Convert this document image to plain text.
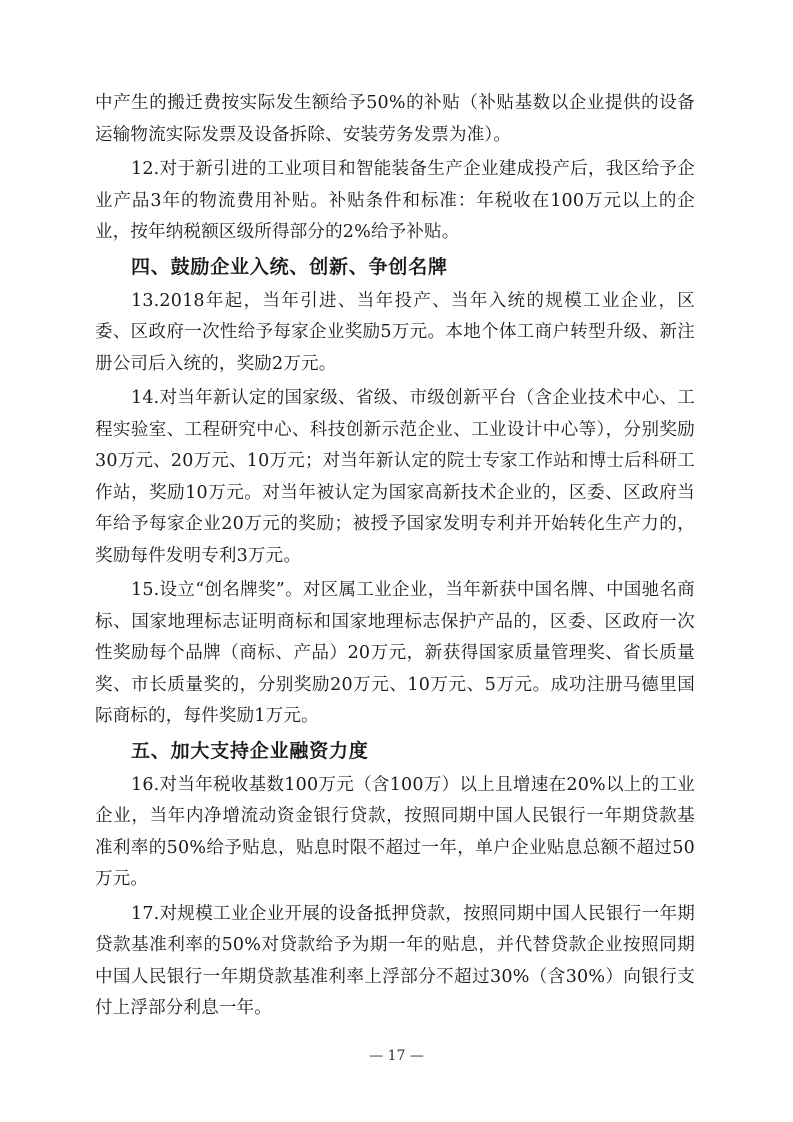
中产生的搬迁费按实际发生额给予50%的补贴（补贴基数以企业提供的设备运输物流实际发票及设备拆除、安装劳务发票为准）。

12.对于新引进的工业项目和智能装备生产企业建成投产后，我区给予企业产品3年的物流费用补贴。补贴条件和标准：年税收在100万元以上的企业，按年纳税额区级所得部分的2%给予补贴。

四、鼓励企业入统、创新、争创名牌

13.2018年起，当年引进、当年投产、当年入统的规模工业企业，区委、区政府一次性给予每家企业奖励5万元。本地个体工商户转型升级、新注册公司后入统的，奖励2万元。

14.对当年新认定的国家级、省级、市级创新平台（含企业技术中心、工程实验室、工程研究中心、科技创新示范企业、工业设计中心等），分别奖励30万元、20万元、10万元；对当年新认定的院士专家工作站和博士后科研工作站，奖励10万元。对当年被认定为国家高新技术企业的，区委、区政府当年给予每家企业20万元的奖励；被授予国家发明专利并开始转化生产力的，奖励每件发明专利3万元。

15.设立“创名牌奖”。对区属工业企业，当年新获中国名牌、中国驰名商标、国家地理标志证明商标和国家地理标志保护产品的，区委、区政府一次性奖励每个品牌（商标、产品）20万元，新获得国家质量管理奖、省长质量奖、市长质量奖的，分别奖励20万元、10万元、5万元。成功注册马德里国际商标的，每件奖励1万元。

五、加大支持企业融资力度

16.对当年税收基数100万元（含100万）以上且增速在20%以上的工业企业，当年内净增流动资金银行贷款，按照同期中国人民银行一年期贷款基准利率的50%给予贴息，贴息时限不超过一年，单户企业贴息总额不超过50万元。

17.对规模工业企业开展的设备抵押贷款，按照同期中国人民银行一年期贷款基准利率的50%对贷款给予为期一年的贴息，并代替贷款企业按照同期中国人民银行一年期贷款基准利率上浮部分不超过30%（含30%）向银行支付上浮部分利息一年。

— 17 —
